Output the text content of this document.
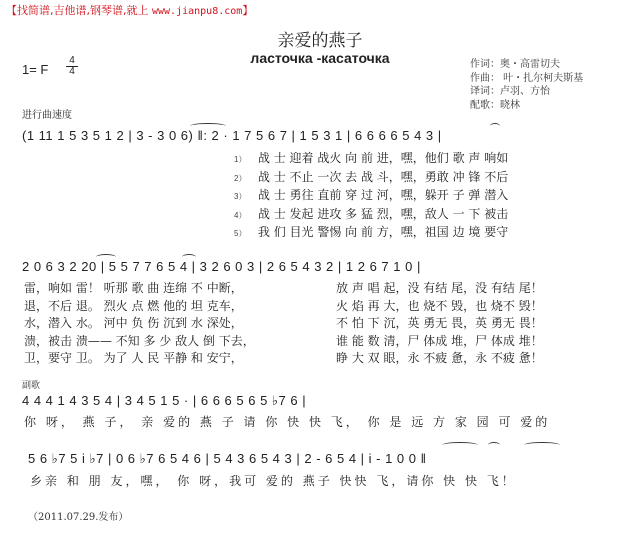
【找简谱,吉他谱,钢琴谱,就上 www.jianpu8.com】
亲爱的燕子
ласточка -касаточка
1= F
4
4
作词：奥・高雷切夫
作曲： 叶・扎尔柯夫斯基
译词：卢羽、方怡
配歌：晓林
进行曲速度
(1 11 1 5 3 5 1 2 | 3 - 3 0 6) ‖: 2 · 1 7 5 6 7 | 1 5 3 1 | 6 6 6 6 5 4 3 |
1） 战 士 迎着 战火 向 前 进，嘿，他们 歌 声 响如
2） 战 士 不止 一次 去 战 斗，嘿，勇敢 冲 锋 不后
3） 战 士 勇往 直前 穿 过 河，嘿，躲开 子 弹 潜入
4） 战 士 发起 进攻 多 猛 烈，嘿，敌人 一 下 被击
5） 我 们 目光 警惕 向 前 方，嘿，祖国 边 境 要守
2 0 6 3 2 20 | 5 5 7 7 6 5 4 | 3 2 6 0 3 | 2 6 5 4 3 2 | 1 2 6 7 1 0 |
雷，响如 雷！ 听那 歌 曲 连绵 不 中断，
退，不后 退。 烈火 点 燃 他的 坦 克车，
水，潜入 水。 河中 负 伤 沉到 水 深处，
溃，被击 溃—— 不知 多 少 敌人 倒 下去，
卫，要守 卫。 为了 人 民 平静 和 安宁，
放 声 唱 起，没 有结 尾，没 有结 尾！
火 焰 再 大，也 烧不 毁，也 烧不 毁！
不 怕 下 沉，英 勇无 畏，英 勇无 畏！
谁 能 数 清，尸 体成 堆，尸 体成 堆！
睁 大 双 眼，永 不疲 惫，永 不疲 惫！
副歌
4 4 4 1 4 3 5 4 | 3 4 5 1 5 · | 6 6 6 5 6 5 ♭7 6 |
你 呀， 燕 子， 亲 爱的 燕 子 请 你 快 快 飞， 你 是 远 方 家 园 可 爱的
5 6 ♭7 5 i ♭7 | 0 6 ♭7 6 5 4 6 | 5 4 3 6 5 4 3 | 2 - 6 5 4 | i - 1 0 0 ‖
乡亲 和 朋 友，嘿， 你 呀，我可 爱的 燕子 快快 飞，请你 快 快 飞！
（2011.07.29.发布）
